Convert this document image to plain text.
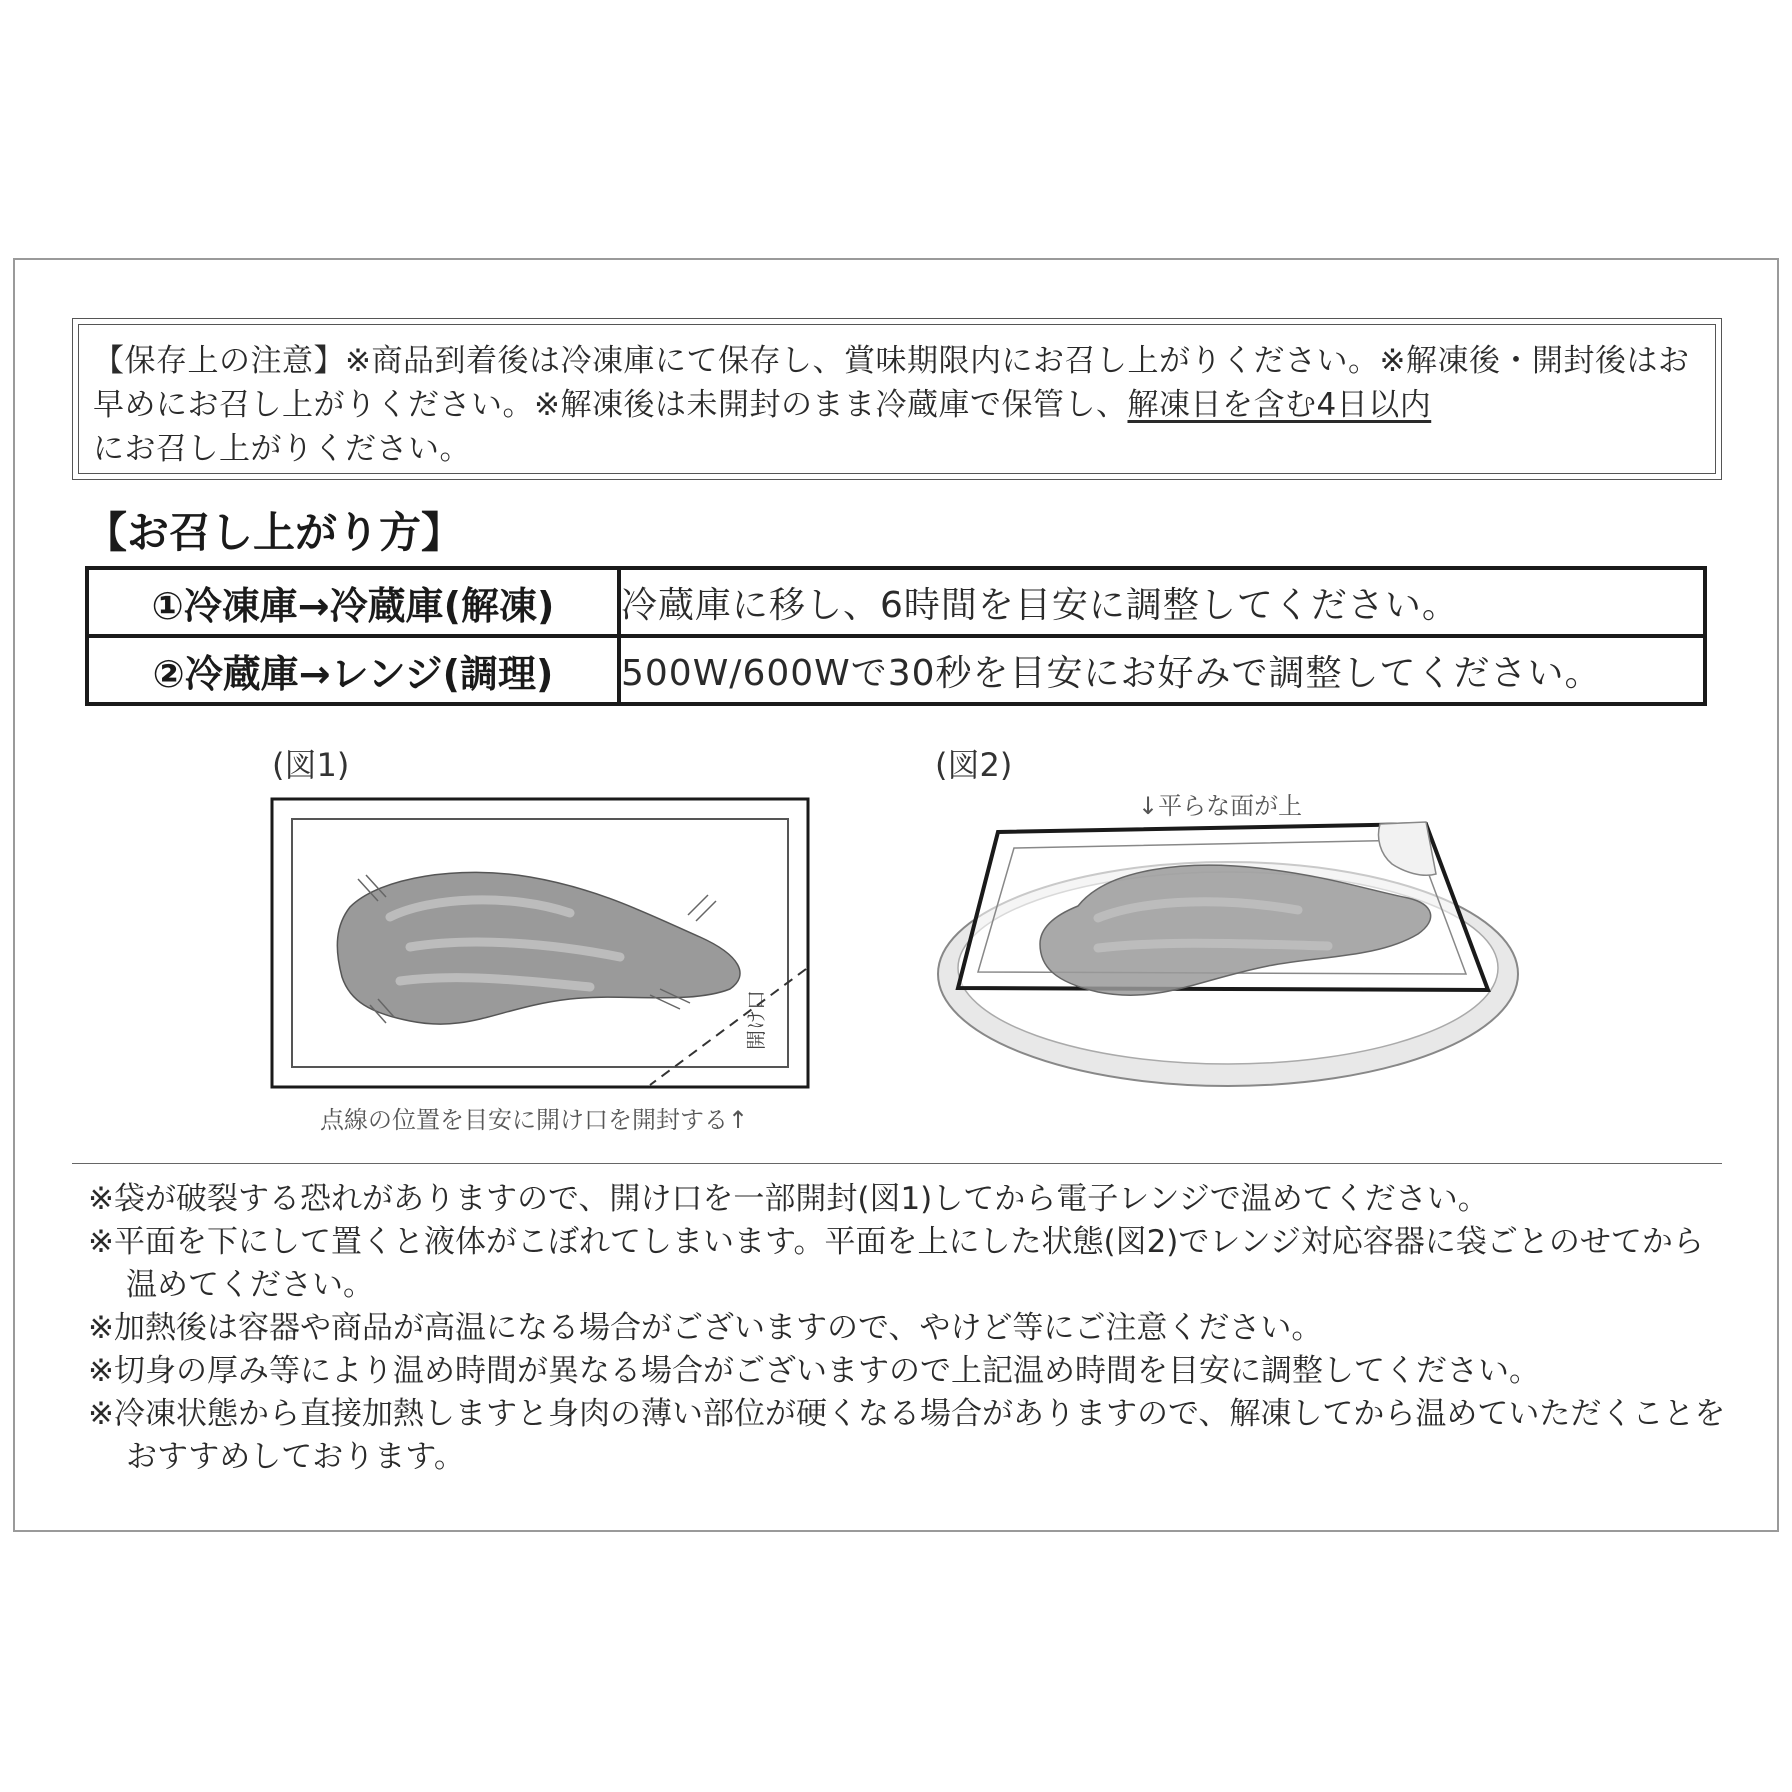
【保存上の注意】※商品到着後は冷凍庫にて保存し、賞味期限内にお召し上がりください。※解凍後・開封後はお早めにお召し上がりください。※解凍後は未開封のまま冷蔵庫で保管し、解凍日を含む4日以内
にお召し上がりください。
【お召し上がり方】
①冷凍庫→冷蔵庫(解凍)	冷蔵庫に移し、6時間を目安に調整してください。
②冷蔵庫→レンジ(調理)	500W/600Wで30秒を目安にお好みで調整してください。
(図1)
開け口
点線の位置を目安に開け口を開封する↑
(図2)
↓平らな面が上
※袋が破裂する恐れがありますので、開け口を一部開封(図1)してから電子レンジで温めてください。
※平面を下にして置くと液体がこぼれてしまいます。平面を上にした状態(図2)でレンジ対応容器に袋ごとのせてから温めてください。
※加熱後は容器や商品が高温になる場合がございますので、やけど等にご注意ください。
※切身の厚み等により温め時間が異なる場合がございますので上記温め時間を目安に調整してください。
※冷凍状態から直接加熱しますと身肉の薄い部位が硬くなる場合がありますので、解凍してから温めていただくことをおすすめしております。
